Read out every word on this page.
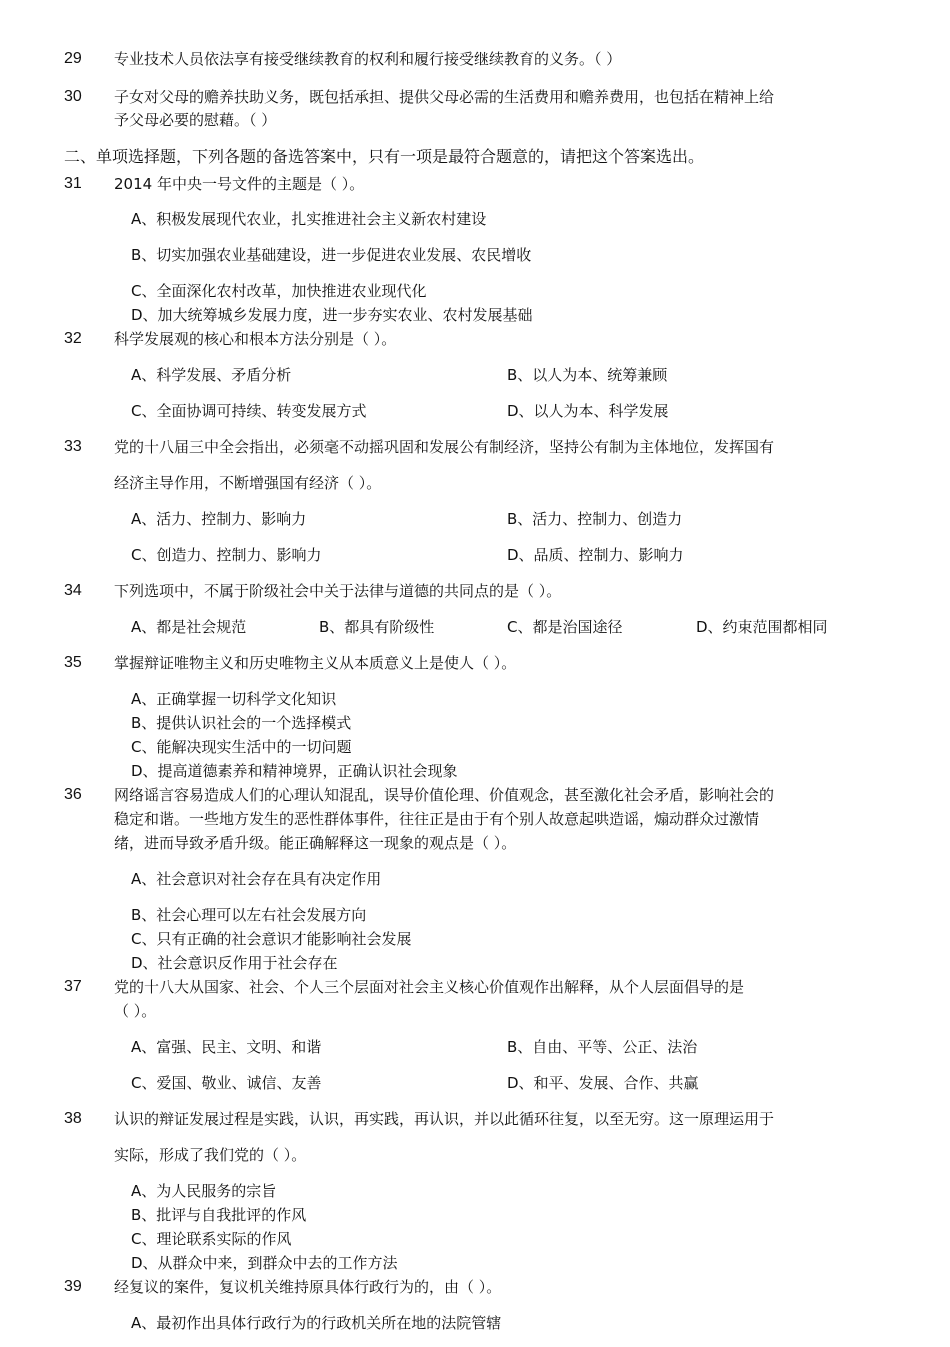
29 专业技术人员依法享有接受继续教育的权利和履行接受继续教育的义务。（ ）
30 子女对父母的赡养扶助义务，既包括承担、提供父母必需的生活费用和赡养费用，也包括在精神上给
予父母必要的慰藉。（ ）
二、单项选择题，下列各题的备选答案中，只有一项是最符合题意的，请把这个答案选出。
31 2014 年中央一号文件的主题是（ ）。
A、积极发展现代农业，扎实推进社会主义新农村建设
B、切实加强农业基础建设，进一步促进农业发展、农民增收
C、全面深化农村改革，加快推进农业现代化
D、加大统筹城乡发展力度，进一步夯实农业、农村发展基础
32 科学发展观的核心和根本方法分别是（ ）。
A、科学发展、矛盾分析	B、以人为本、统筹兼顾
C、全面协调可持续、转变发展方式	D、以人为本、科学发展
33 党的十八届三中全会指出，必须毫不动摇巩固和发展公有制经济，坚持公有制为主体地位，发挥国有
经济主导作用，不断增强国有经济（ ）。
A、活力、控制力、影响力	B、活力、控制力、创造力
C、创造力、控制力、影响力	D、品质、控制力、影响力
34 下列选项中，不属于阶级社会中关于法律与道德的共同点的是（ ）。
A、都是社会规范	B、都具有阶级性	C、都是治国途径	D、约束范围都相同
35 掌握辩证唯物主义和历史唯物主义从本质意义上是使人（ ）。
A、正确掌握一切科学文化知识
B、提供认识社会的一个选择模式
C、能解决现实生活中的一切问题
D、提高道德素养和精神境界，正确认识社会现象
36 网络谣言容易造成人们的心理认知混乱，误导价值伦理、价值观念，甚至激化社会矛盾，影响社会的
稳定和谐。一些地方发生的恶性群体事件，往往正是由于有个别人故意起哄造谣，煽动群众过激情
绪，进而导致矛盾升级。能正确解释这一现象的观点是（ ）。
A、社会意识对社会存在具有决定作用
B、社会心理可以左右社会发展方向
C、只有正确的社会意识才能影响社会发展
D、社会意识反作用于社会存在
37 党的十八大从国家、社会、个人三个层面对社会主义核心价值观作出解释，从个人层面倡导的是
（ ）。
A、富强、民主、文明、和谐	B、自由、平等、公正、法治
C、爱国、敬业、诚信、友善	D、和平、发展、合作、共赢
38 认识的辩证发展过程是实践，认识，再实践，再认识，并以此循环往复，以至无穷。这一原理运用于
实际，形成了我们党的（ ）。
A、为人民服务的宗旨
B、批评与自我批评的作风
C、理论联系实际的作风
D、从群众中来，到群众中去的工作方法
39 经复议的案件，复议机关维持原具体行政行为的，由（ ）。
A、最初作出具体行政行为的行政机关所在地的法院管辖
